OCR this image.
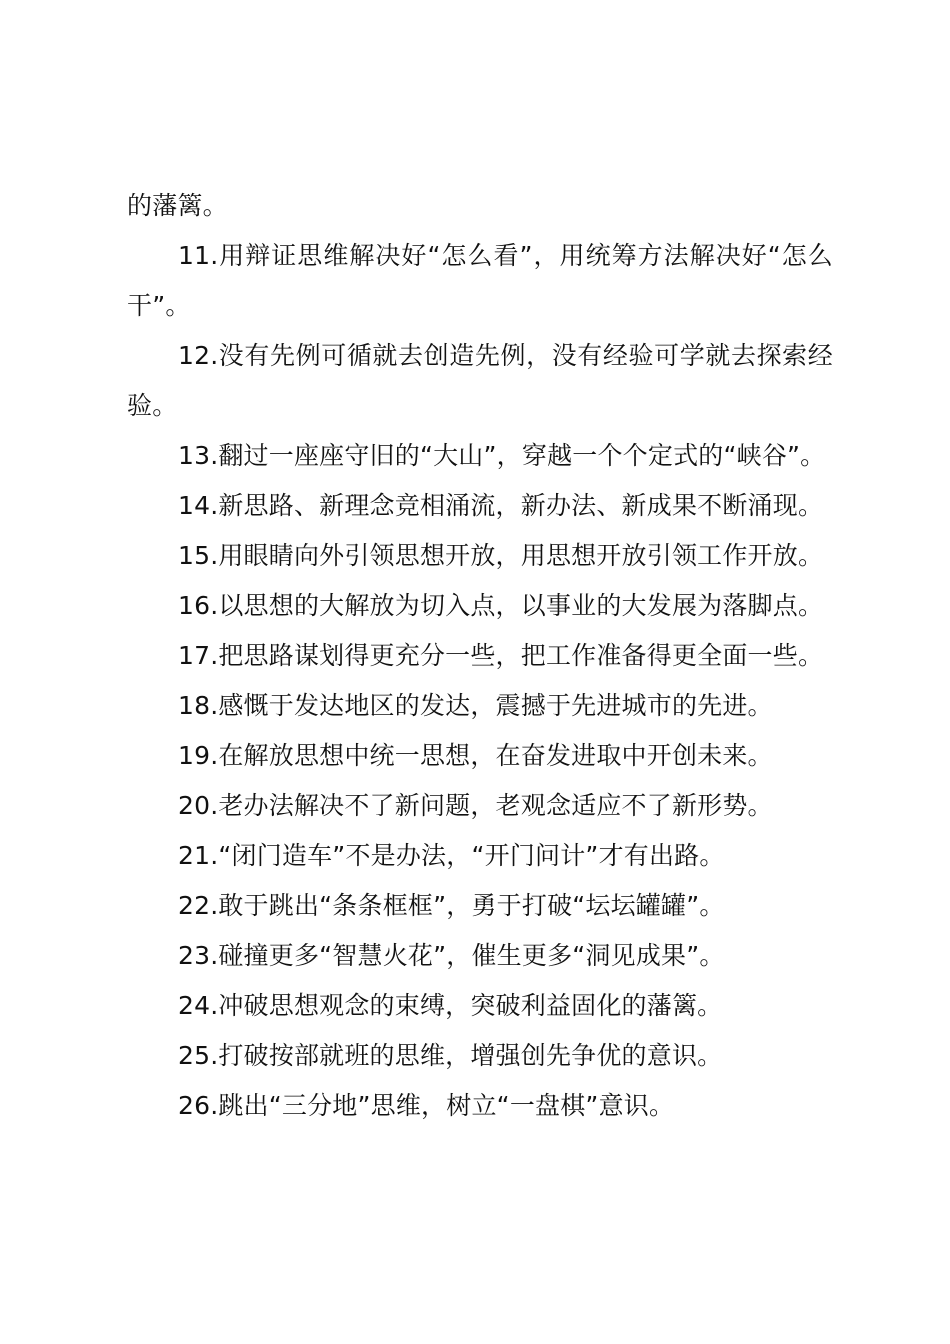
的藩篱。

11.用辩证思维解决好“怎么看”，用统筹方法解决好“怎么干”。

12.没有先例可循就去创造先例，没有经验可学就去探索经验。

13.翻过一座座守旧的“大山”，穿越一个个定式的“峡谷”。

14.新思路、新理念竞相涌流，新办法、新成果不断涌现。

15.用眼睛向外引领思想开放，用思想开放引领工作开放。

16.以思想的大解放为切入点，以事业的大发展为落脚点。

17.把思路谋划得更充分一些，把工作准备得更全面一些。

18.感慨于发达地区的发达，震撼于先进城市的先进。

19.在解放思想中统一思想，在奋发进取中开创未来。

20.老办法解决不了新问题，老观念适应不了新形势。

21.“闭门造车”不是办法，“开门问计”才有出路。

22.敢于跳出“条条框框”，勇于打破“坛坛罐罐”。

23.碰撞更多“智慧火花”，催生更多“洞见成果”。

24.冲破思想观念的束缚，突破利益固化的藩篱。

25.打破按部就班的思维，增强创先争优的意识。

26.跳出“三分地”思维，树立“一盘棋”意识。
